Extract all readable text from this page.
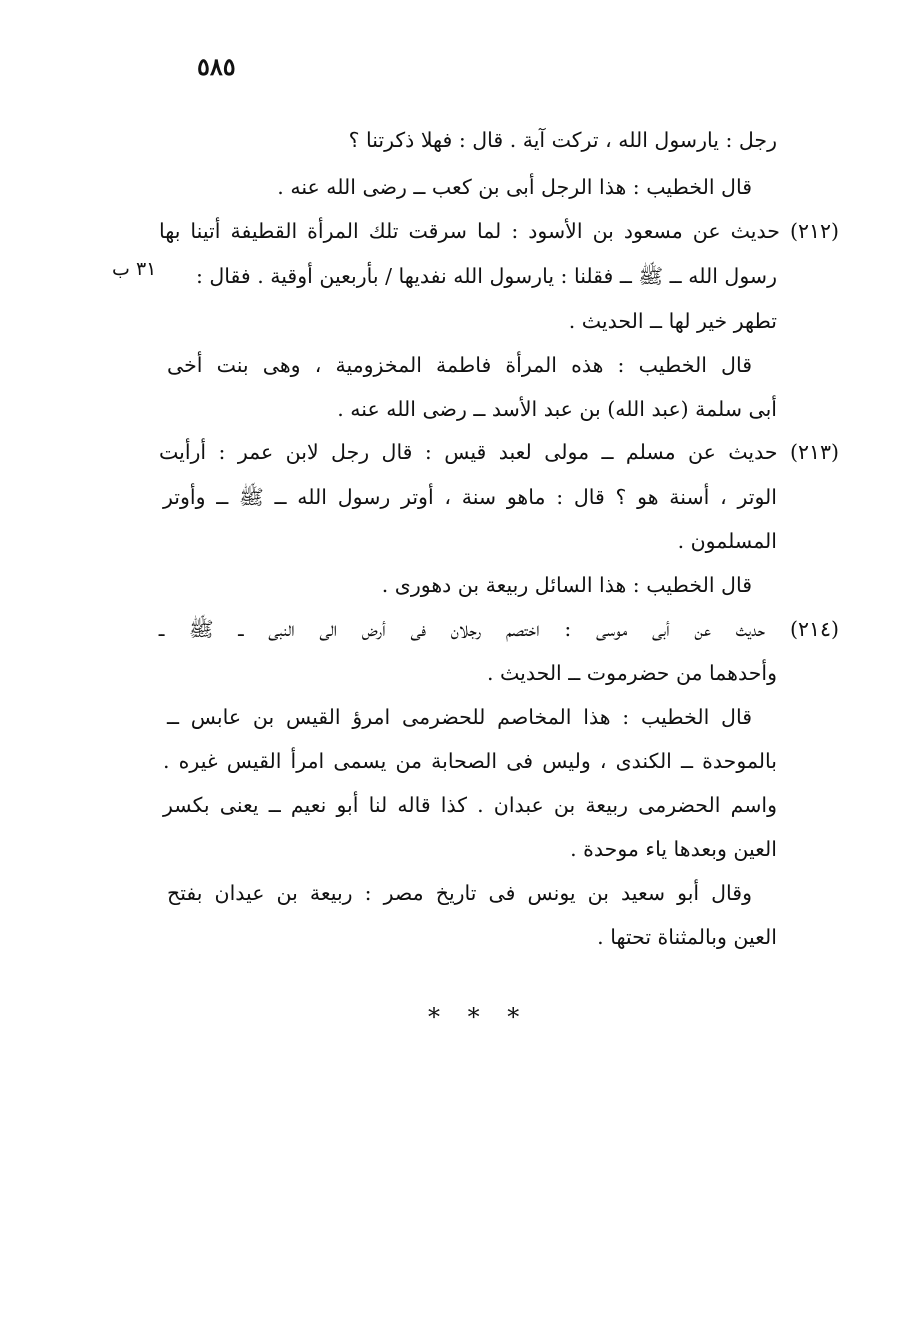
٥٨٥
رجل : يارسول الله ، تركت آية . قال : فهلا ذكرتنا ؟
قال الخطيب : هذا الرجل أبى بن كعب ــ رضى الله عنه .
(٢١٢) حديث عن مسعود بن الأسود : لما سرقت تلك المرأة القطيفة أتينا بها
رسول الله ــ ﷺ ــ فقلنا : يارسول الله نفديها / بأربعين أوقية . فقال :
٣١ ب
تطهر خير لها ــ الحديث .
قال الخطيب : هذه المرأة فاطمة المخزومية ، وهى بنت أخى
أبى سلمة (عبد الله) بن عبد الأسد ــ رضى الله عنه .
(٢١٣) حديث عن مسلم ــ مولى لعبد قيس : قال رجل لابن عمر : أرأيت
الوتر ، أسنة هو ؟ قال : ماهو سنة ، أوتر رسول الله ــ ﷺ ــ وأوتر
المسلمون .
قال الخطيب : هذا السائل ربيعة بن دهورى .
(٢١٤) حديث عن أبى موسى : اختصم رجلان فى أرض الى النبى ــ ﷺ ــ
وأحدهما من حضرموت ــ الحديث .
قال الخطيب : هذا المخاصم للحضرمى امرؤ القيس بن عابس ــ
بالموحدة ــ الكندى ، وليس فى الصحابة من يسمى امرأ القيس غيره .
واسم الحضرمى ربيعة بن عبدان . كذا قاله لنا أبو نعيم ــ يعنى بكسر
العين وبعدها ياء موحدة .
وقال أبو سعيد بن يونس فى تاريخ مصر : ربيعة بن عيدان بفتح
العين وبالمثناة تحتها .
* * *
